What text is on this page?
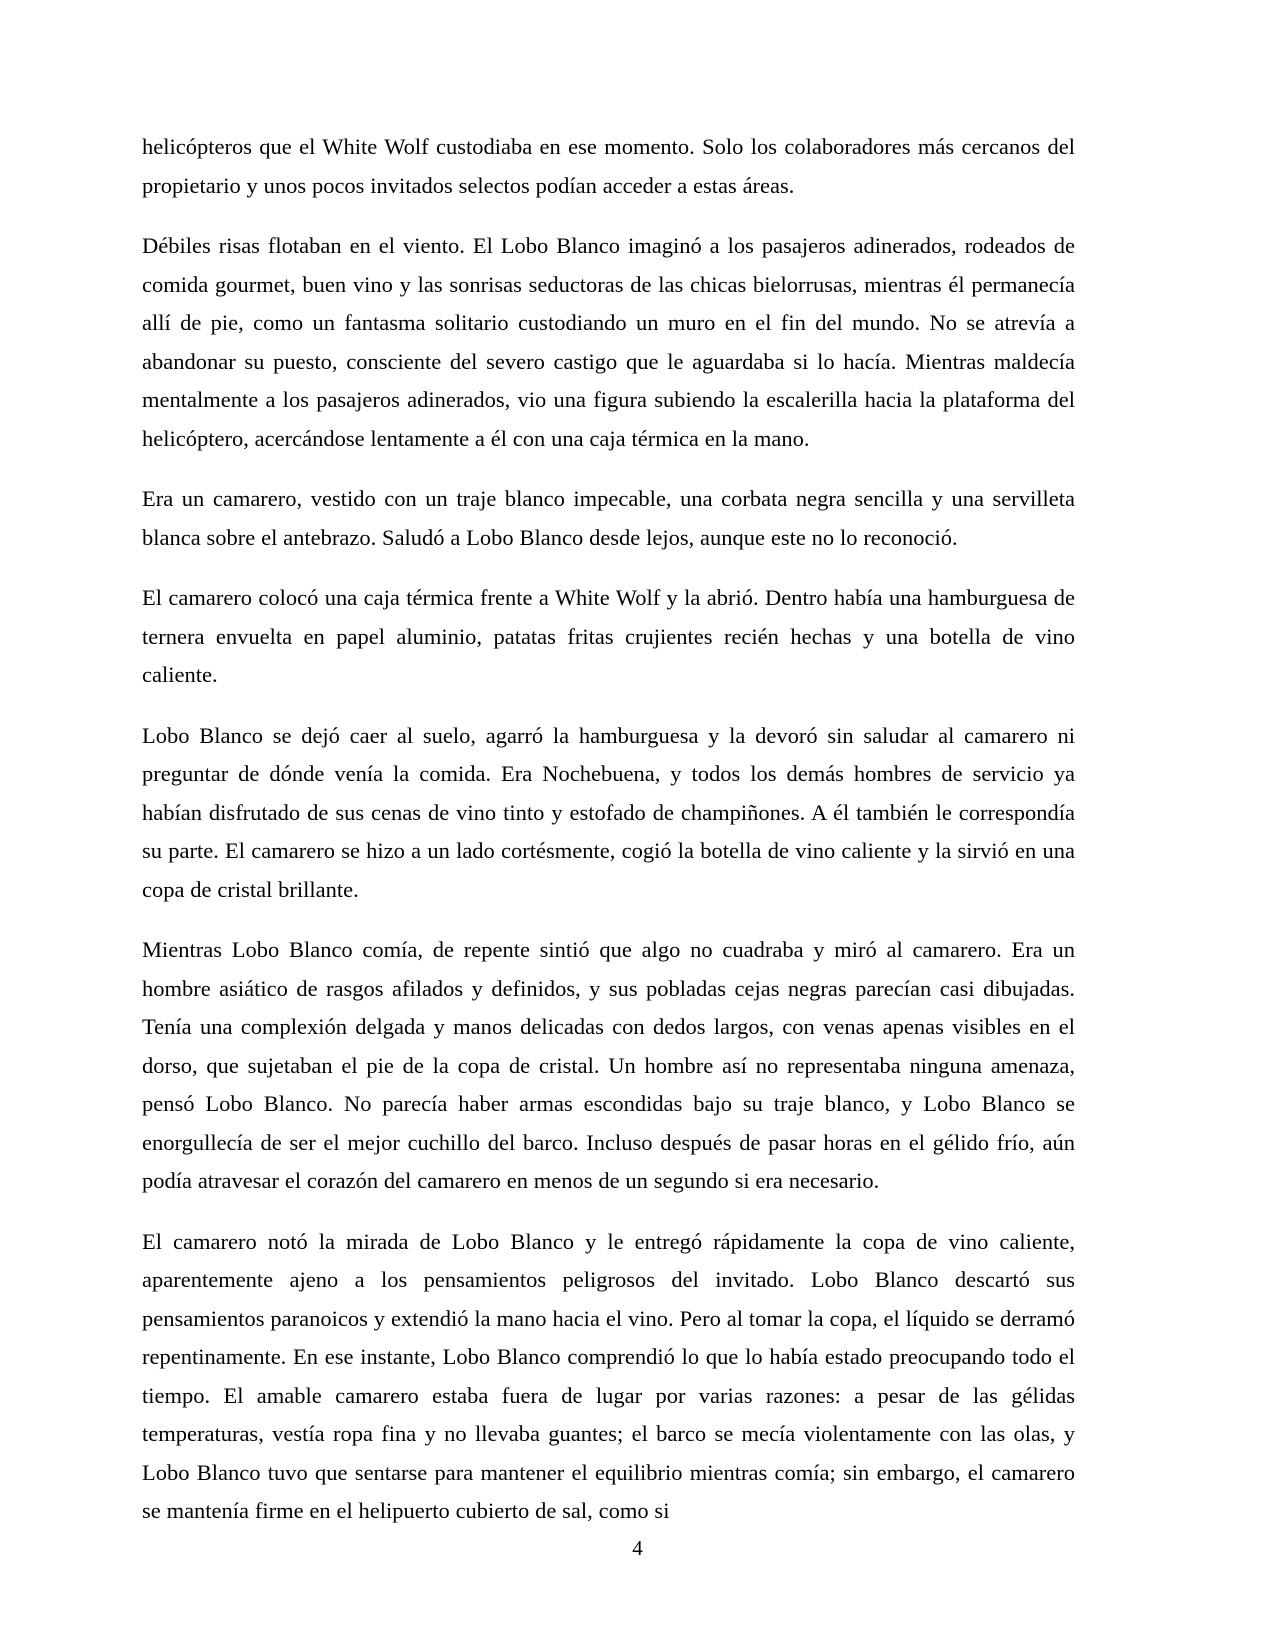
helicópteros que el White Wolf custodiaba en ese momento. Solo los colaboradores más cercanos del propietario y unos pocos invitados selectos podían acceder a estas áreas.

Débiles risas flotaban en el viento. El Lobo Blanco imaginó a los pasajeros adinerados, rodeados de comida gourmet, buen vino y las sonrisas seductoras de las chicas bielorrusas, mientras él permanecía allí de pie, como un fantasma solitario custodiando un muro en el fin del mundo. No se atrevía a abandonar su puesto, consciente del severo castigo que le aguardaba si lo hacía. Mientras maldecía mentalmente a los pasajeros adinerados, vio una figura subiendo la escalerilla hacia la plataforma del helicóptero, acercándose lentamente a él con una caja térmica en la mano.

Era un camarero, vestido con un traje blanco impecable, una corbata negra sencilla y una servilleta blanca sobre el antebrazo. Saludó a Lobo Blanco desde lejos, aunque este no lo reconoció.

El camarero colocó una caja térmica frente a White Wolf y la abrió. Dentro había una hamburguesa de ternera envuelta en papel aluminio, patatas fritas crujientes recién hechas y una botella de vino caliente.

Lobo Blanco se dejó caer al suelo, agarró la hamburguesa y la devoró sin saludar al camarero ni preguntar de dónde venía la comida. Era Nochebuena, y todos los demás hombres de servicio ya habían disfrutado de sus cenas de vino tinto y estofado de champiñones. A él también le correspondía su parte. El camarero se hizo a un lado cortésmente, cogió la botella de vino caliente y la sirvió en una copa de cristal brillante.

Mientras Lobo Blanco comía, de repente sintió que algo no cuadraba y miró al camarero. Era un hombre asiático de rasgos afilados y definidos, y sus pobladas cejas negras parecían casi dibujadas. Tenía una complexión delgada y manos delicadas con dedos largos, con venas apenas visibles en el dorso, que sujetaban el pie de la copa de cristal. Un hombre así no representaba ninguna amenaza, pensó Lobo Blanco. No parecía haber armas escondidas bajo su traje blanco, y Lobo Blanco se enorgullecía de ser el mejor cuchillo del barco. Incluso después de pasar horas en el gélido frío, aún podía atravesar el corazón del camarero en menos de un segundo si era necesario.

El camarero notó la mirada de Lobo Blanco y le entregó rápidamente la copa de vino caliente, aparentemente ajeno a los pensamientos peligrosos del invitado. Lobo Blanco descartó sus pensamientos paranoicos y extendió la mano hacia el vino. Pero al tomar la copa, el líquido se derramó repentinamente. En ese instante, Lobo Blanco comprendió lo que lo había estado preocupando todo el tiempo. El amable camarero estaba fuera de lugar por varias razones: a pesar de las gélidas temperaturas, vestía ropa fina y no llevaba guantes; el barco se mecía violentamente con las olas, y Lobo Blanco tuvo que sentarse para mantener el equilibrio mientras comía; sin embargo, el camarero se mantenía firme en el helipuerto cubierto de sal, como si

4
